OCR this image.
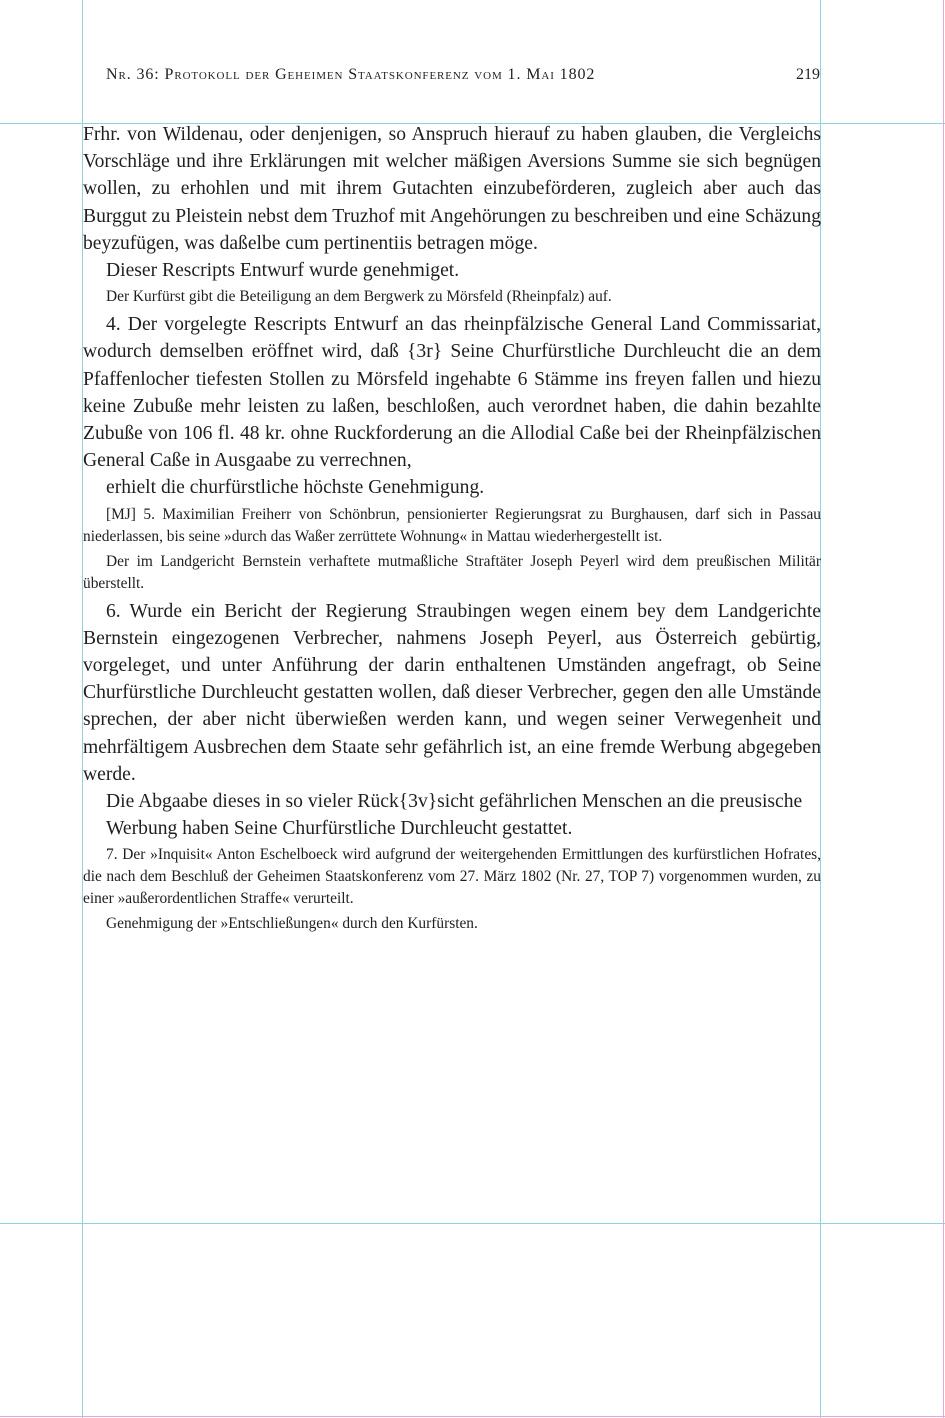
Nr. 36: Protokoll der Geheimen Staatskonferenz vom 1. Mai 1802	219

Frhr. von Wildenau, oder denjenigen, so Anspruch hierauf zu haben glauben, die Vergleichs Vorschläge und ihre Erklärungen mit welcher mäßigen Aversions Summe sie sich begnügen wollen, zu erhohlen und mit ihrem Gutachten einzubeförderen, zugleich aber auch das Burggut zu Pleistein nebst dem Truzhof mit Angehörungen zu beschreiben und eine Schäzung beyzufügen, was daßelbe cum pertinentiis betragen möge.

Dieser Rescripts Entwurf wurde genehmiget.

Der Kurfürst gibt die Beteiligung an dem Bergwerk zu Mörsfeld (Rheinpfalz) auf.

4. Der vorgelegte Rescripts Entwurf an das rheinpfälzische General Land Commissariat, wodurch demselben eröffnet wird, daß {3r} Seine Churfürstliche Durchleucht die an dem Pfaffenlocher tiefesten Stollen zu Mörsfeld ingehabte 6 Stämme ins freyen fallen und hiezu keine Zubuße mehr leisten zu laßen, beschloßen, auch verordnet haben, die dahin bezahlte Zubuße von 106 fl. 48 kr. ohne Ruckforderung an die Allodial Caße bei der Rheinpfälzischen General Caße in Ausgaabe zu verrechnen,

erhielt die churfürstliche höchste Genehmigung.

[MJ] 5. Maximilian Freiherr von Schönbrun, pensionierter Regierungsrat zu Burghausen, darf sich in Passau niederlassen, bis seine »durch das Waßer zerrüttete Wohnung« in Mattau wiederhergestellt ist.

Der im Landgericht Bernstein verhaftete mutmaßliche Straftäter Joseph Peyerl wird dem preußischen Militär überstellt.

6. Wurde ein Bericht der Regierung Straubingen wegen einem bey dem Landgerichte Bernstein eingezogenen Verbrecher, nahmens Joseph Peyerl, aus Österreich gebürtig, vorgeleget, und unter Anführung der darin enthaltenen Umständen angefragt, ob Seine Churfürstliche Durchleucht gestatten wollen, daß dieser Verbrecher, gegen den alle Umstände sprechen, der aber nicht überwießen werden kann, und wegen seiner Verwegenheit und mehrfältigem Ausbrechen dem Staate sehr gefährlich ist, an eine fremde Werbung abgegeben werde.

Die Abgaabe dieses in so vieler Rück{3v}sicht gefährlichen Menschen an die preusische Werbung haben Seine Churfürstliche Durchleucht gestattet.

7. Der »Inquisit« Anton Eschelboeck wird aufgrund der weitergehenden Ermittlungen des kurfürstlichen Hofrates, die nach dem Beschluß der Geheimen Staatskonferenz vom 27. März 1802 (Nr. 27, TOP 7) vorgenommen wurden, zu einer »außerordentlichen Straffe« verurteilt.

Genehmigung der »Entschließungen« durch den Kurfürsten.
